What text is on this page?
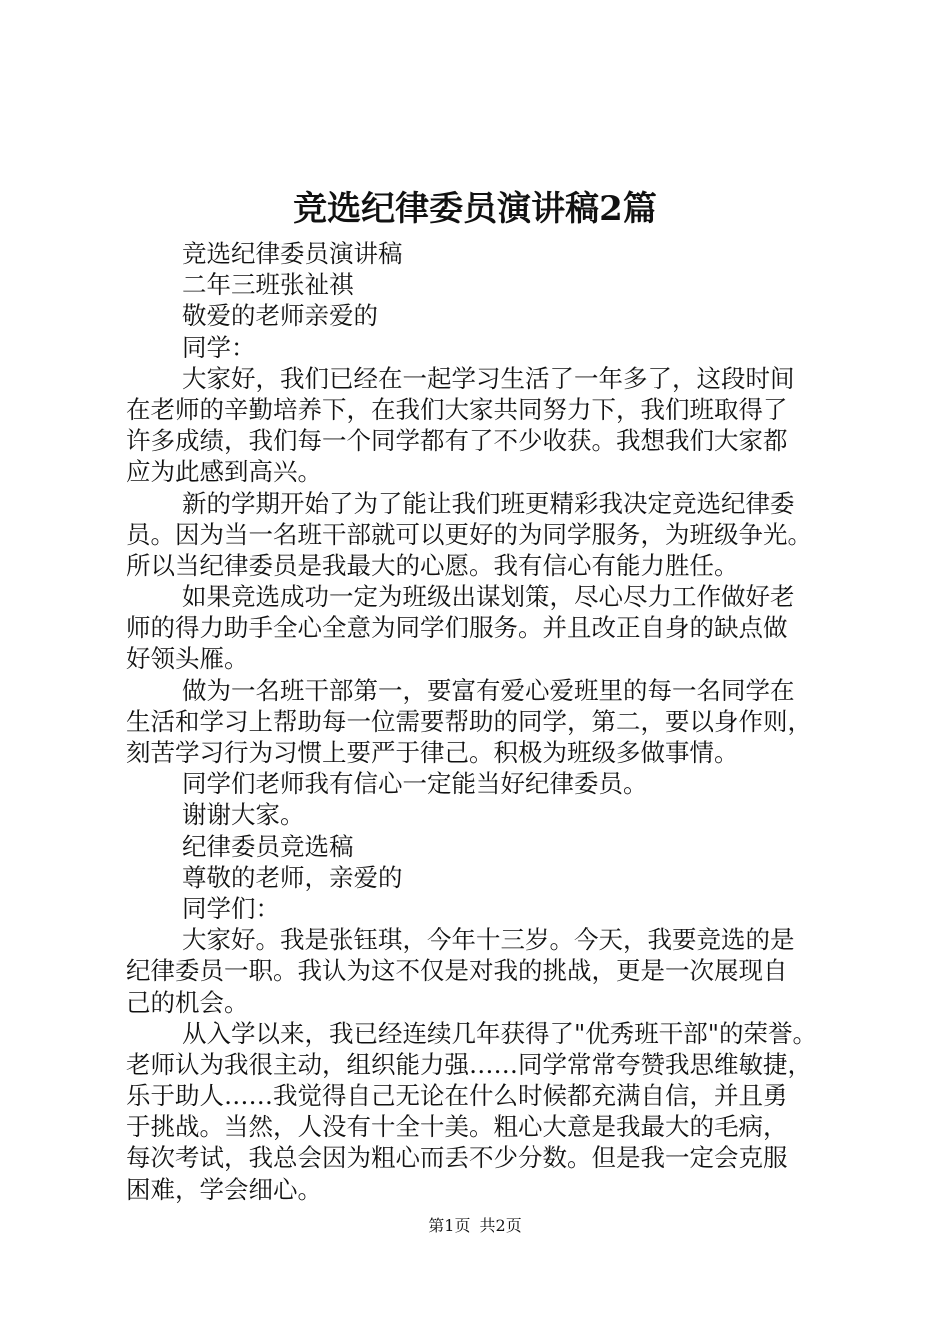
竞选纪律委员演讲稿2篇
竞选纪律委员演讲稿
二年三班张祉祺
敬爱的老师亲爱的
同学：
大家好，我们已经在一起学习生活了一年多了，这段时间
在老师的辛勤培养下，在我们大家共同努力下，我们班取得了
许多成绩，我们每一个同学都有了不少收获。我想我们大家都
应为此感到高兴。
新的学期开始了为了能让我们班更精彩我决定竞选纪律委
员。因为当一名班干部就可以更好的为同学服务，为班级争光。
所以当纪律委员是我最大的心愿。我有信心有能力胜任。
如果竞选成功一定为班级出谋划策，尽心尽力工作做好老
师的得力助手全心全意为同学们服务。并且改正自身的缺点做
好领头雁。
做为一名班干部第一，要富有爱心爱班里的每一名同学在
生活和学习上帮助每一位需要帮助的同学，第二，要以身作则，
刻苦学习行为习惯上要严于律己。积极为班级多做事情。
同学们老师我有信心一定能当好纪律委员。
谢谢大家。
纪律委员竞选稿
尊敬的老师，亲爱的
同学们：
大家好。我是张钰琪，今年十三岁。今天，我要竞选的是
纪律委员一职。我认为这不仅是对我的挑战，更是一次展现自
己的机会。
从入学以来，我已经连续几年获得了"优秀班干部"的荣誉。
老师认为我很主动，组织能力强……同学常常夸赞我思维敏捷，
乐于助人……我觉得自己无论在什么时候都充满自信，并且勇
于挑战。当然，人没有十全十美。粗心大意是我最大的毛病，
每次考试，我总会因为粗心而丢不少分数。但是我一定会克服
困难，学会细心。
第1页 共2页
